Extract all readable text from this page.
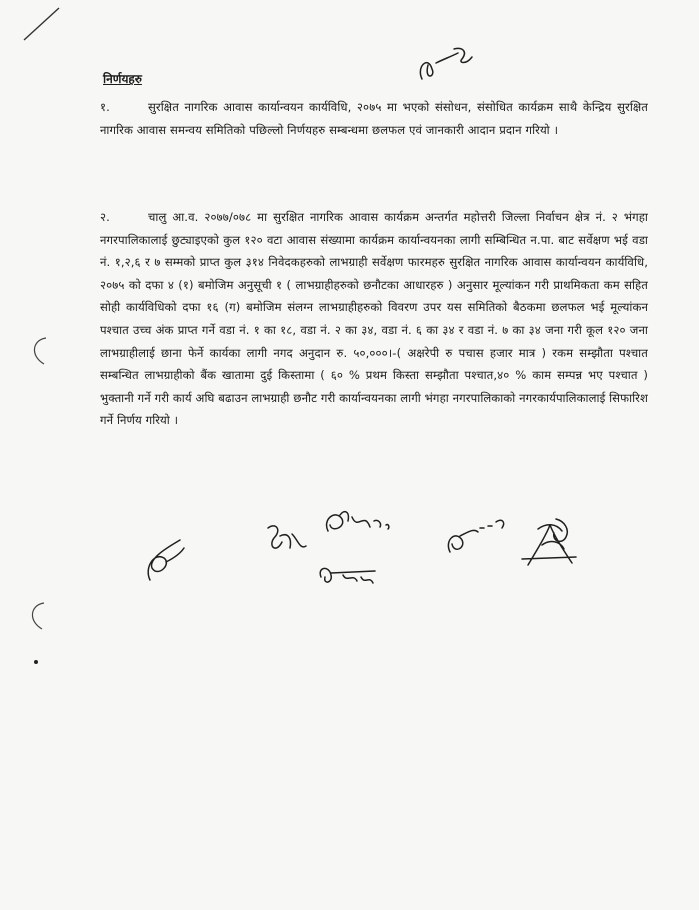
निर्णयहरु
१.	सुरक्षित नागरिक आवास कार्यान्वयन कार्यविधि, २०७५ मा भएको संसोधन, संसोधित कार्यक्रम साथै केन्द्रिय सुरक्षित नागरिक आवास समन्वय समितिको पछिल्लो निर्णयहरु सम्बन्धमा छलफल एवं जानकारी आदान प्रदान गरियो ।
२.	चालु आ.व. २०७७/०७८ मा सुरक्षित नागरिक आवास कार्यक्रम अन्तर्गत महोत्तरी जिल्ला निर्वाचन क्षेत्र नं. २ भंगहा नगरपालिकालाई छुट्याइएको कुल १२० वटा आवास संख्यामा कार्यक्रम कार्यान्वयनका लागी सम्बिन्धित न.पा. बाट सर्वेक्षण भई वडा नं. १,२,६ र ७ सम्मको प्राप्त कुल ३१४ निवेदकहरुको लाभग्राही सर्वेक्षण फारमहरु सुरक्षित नागरिक आवास कार्यान्वयन कार्यविधि, २०७५ को दफा ४ (१) बमोजिम अनुसूची १ ( लाभग्राहीहरुको छनौटका आधारहरु ) अनुसार मूल्यांकन गरी प्राथमिकता कम सहित सोही कार्यविधिको दफा १६ (ग) बमोजिम संलग्न लाभग्राहीहरुको विवरण उपर यस समितिको बैठकमा छलफल भई मूल्यांकन पश्चात उच्च अंक प्राप्त गर्ने वडा नं. १ का १८, वडा नं. २ का ३४, वडा नं. ६ का ३४ र वडा नं. ७ का ३४ जना गरी कूल १२० जना लाभग्राहीलाई छाना फेर्ने कार्यका लागी नगद अनुदान रु. ५०,०००।-( अक्षरेपी रु पचास हजार मात्र ) रकम सम्झौता पश्चात सम्बन्धित लाभग्राहीको बैंक खातामा दुई किस्तामा ( ६० % प्रथम किस्ता सम्झौता पश्चात,४० % काम सम्पन्न भए पश्चात ) भुक्तानी गर्ने गरी कार्य अघि बढाउन लाभग्राही छनौट गरी कार्यान्वयनका लागी भंगहा नगरपालिकाको नगरकार्यपालिकालाई सिफारिश गर्ने निर्णय गरियो ।
